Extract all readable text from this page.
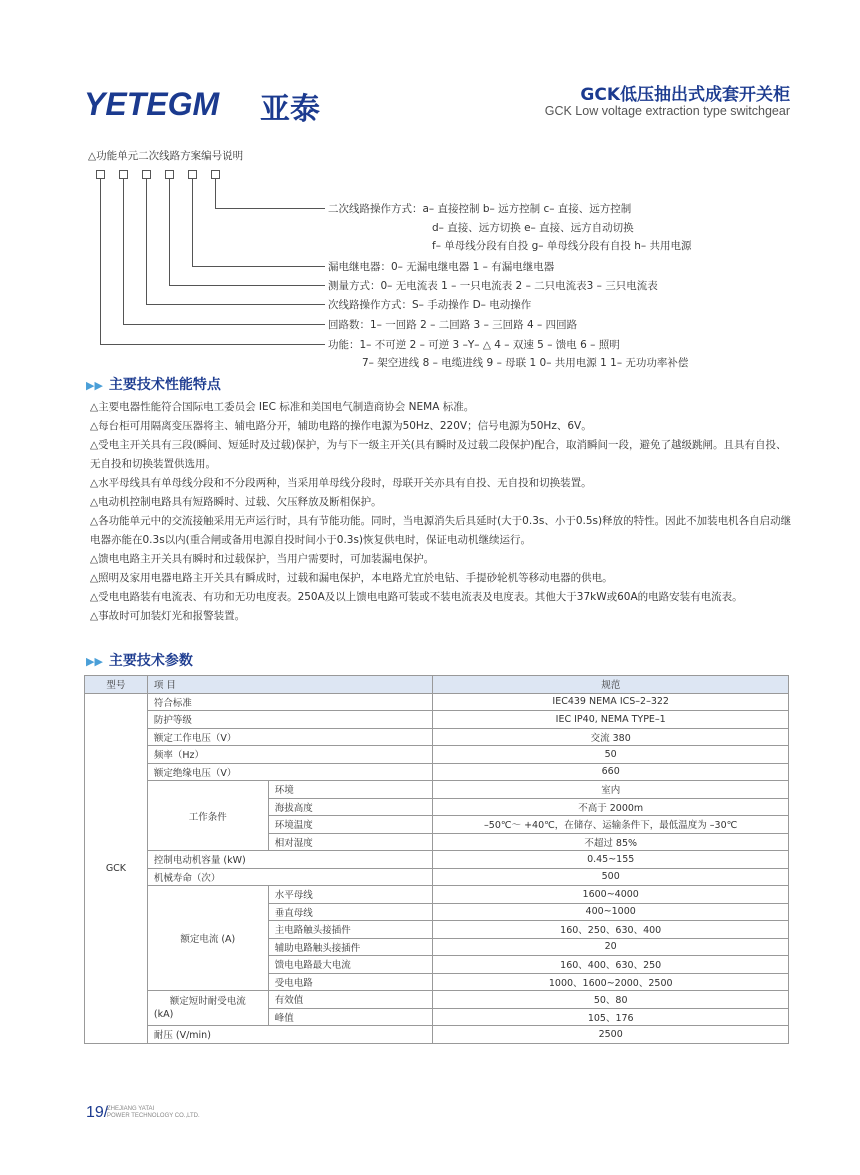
YETEGM 亚泰	GCK低压抽出式成套开关柜
GCK Low voltage extraction type switchgear
△功能单元二次线路方案编号说明
二次线路操作方式：a– 直接控制 b– 远方控制 c– 直接、远方控制
d– 直接、远方切换 e– 直接、远方自动切换
f– 单母线分段有自投 g– 单母线分段有自投 h– 共用电源
漏电继电器：0– 无漏电继电器 1 – 有漏电继电器
测量方式：0– 无电流表 1 – 一只电流表 2 – 二只电流表3 – 三只电流表
次线路操作方式：S– 手动操作 D– 电动操作
回路数：1– 一回路 2 – 二回路 3 – 三回路 4 – 四回路
功能：1– 不可逆 2 – 可逆 3 –Y– △ 4 – 双速 5 – 馈电 6 – 照明
7– 架空进线 8 – 电缆进线 9 – 母联 1 0– 共用电源 1 1– 无功功率补偿
▶▶ 主要技术性能特点

△主要电器性能符合国际电工委员会 IEC 标准和美国电气制造商协会 NEMA 标准。

△每台柜可用隔离变压器将主、辅电路分开，辅助电路的操作电源为50Hz、220V；信号电源为50Hz、6V。

△受电主开关具有三段(瞬间、短延时及过载)保护，为与下一级主开关(具有瞬时及过载二段保护)配合，取消瞬间一段，避免了越级跳闸。且具有自投、无自投和切换装置供选用。

△水平母线具有单母线分段和不分段两种，当采用单母线分段时，母联开关亦具有自投、无自投和切换装置。

△电动机控制电路具有短路瞬时、过载、欠压释放及断相保护。

△各功能单元中的交流接触采用无声运行时，具有节能功能。同时，当电源消失后具延时(大于0.3s、小于0.5s)释放的特性。因此不加装电机各自启动继电器亦能在0.3s以内(重合闸或备用电源自投时间小于0.3s)恢复供电时，保证电动机继续运行。

△馈电电路主开关具有瞬时和过载保护，当用户需要时，可加装漏电保护。

△照明及家用电器电路主开关具有瞬成时，过载和漏电保护，本电路尤宜於电钻、手提砂轮机等移动电器的供电。

△受电电路装有电流表、有功和无功电度表。250A及以上馈电电路可装或不装电流表及电度表。其他大于37kW或60A的电路安装有电流表。

△事故时可加装灯光和报警装置。

▶▶ 主要技术参数
型号	项 目		规范
GCK	符合标准		IEC439 NEMA ICS–2–322
	防护等级		IEC IP40, NEMA TYPE–1
	额定工作电压（V）		交流 380
	频率（Hz）		50
	额定绝缘电压（V）		660
	工作条件	环境	室内
		海拔高度	不高于 2000m
		环境温度	–50℃～ +40℃，在储存、运输条件下，最低温度为 –30℃
		相对湿度	不超过 85%
	控制电动机容量 (kW)		0.45~155
	机械寿命（次）		500
	额定电流 (A)	水平母线	1600~4000
		垂直母线	400~1000
		主电路触头接插件	160、250、630、400
		辅助电路触头接插件	20
		馈电电路最大电流	160、400、630、250
		受电电路	1000、1600~2000、2500
	额定短时耐受电流
(kA)	有效值	50、80
		峰值	105、176
	耐压 (V/min)		2500
19/
ZHEJIANG YATAI
POWER TECHNOLOGY CO.,LTD.
